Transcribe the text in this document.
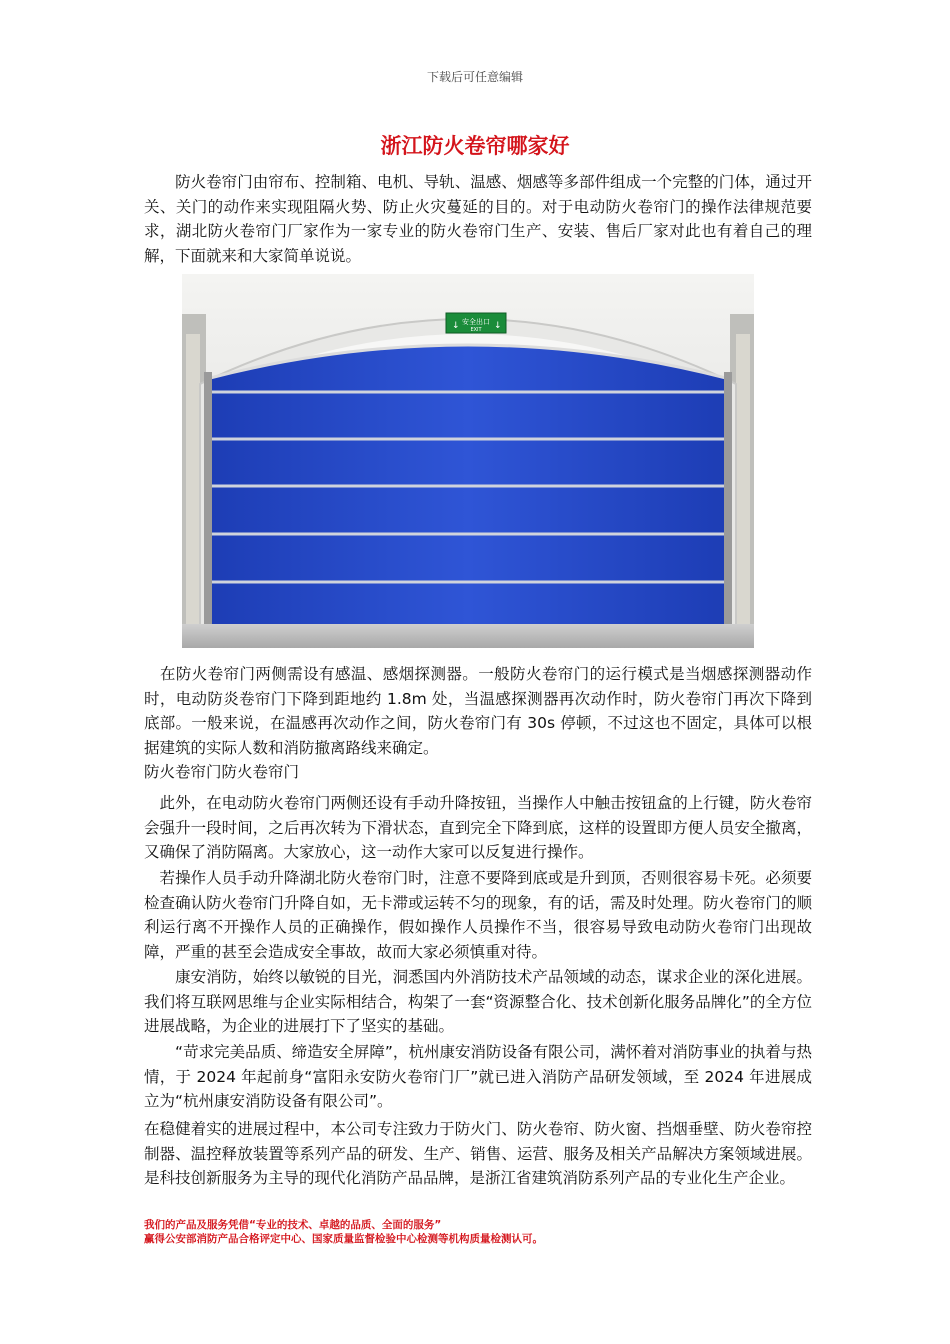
下载后可任意编辑
浙江防火卷帘哪家好

　　防火卷帘门由帘布、控制箱、电机、导轨、温感、烟感等多部件组成一个完整的门体，通过开关、关门的动作来实现阻隔火势、防止火灾蔓延的目的。对于电动防火卷帘门的操作法律规范要求，湖北防火卷帘门厂家作为一家专业的防火卷帘门生产、安装、售后厂家对此也有着自己的理解，下面就来和大家简单说说。

安全出口
EXIT
↓	↓

　在防火卷帘门两侧需设有感温、感烟探测器。一般防火卷帘门的运行模式是当烟感探测器动作时，电动防炎卷帘门下降到距地约 1.8m 处，当温感探测器再次动作时，防火卷帘门再次下降到底部。一般来说，在温感再次动作之间，防火卷帘门有 30s 停顿，不过这也不固定，具体可以根据建筑的实际人数和消防撤离路线来确定。

防火卷帘门防火卷帘门

　此外，在电动防火卷帘门两侧还设有手动升降按钮，当操作人中触击按钮盒的上行键，防火卷帘会强升一段时间，之后再次转为下滑状态，直到完全下降到底，这样的设置即方便人员安全撤离，又确保了消防隔离。大家放心，这一动作大家可以反复进行操作。

　若操作人员手动升降湖北防火卷帘门时，注意不要降到底或是升到顶，否则很容易卡死。必须要检查确认防火卷帘门升降自如，无卡滞或运转不匀的现象，有的话，需及时处理。防火卷帘门的顺利运行离不开操作人员的正确操作，假如操作人员操作不当，很容易导致电动防火卷帘门出现故障，严重的甚至会造成安全事故，故而大家必须慎重对待。

　　康安消防，始终以敏锐的目光，洞悉国内外消防技术产品领域的动态，谋求企业的深化进展。我们将互联网思维与企业实际相结合，构架了一套“资源整合化、技术创新化服务品牌化”的全方位进展战略，为企业的进展打下了坚实的基础。

　　“苛求完美品质、缔造安全屏障”，杭州康安消防设备有限公司，满怀着对消防事业的执着与热情，于 2024 年起前身“富阳永安防火卷帘门厂”就已进入消防产品研发领域，至 2024 年进展成立为“杭州康安消防设备有限公司”。

在稳健着实的进展过程中，本公司专注致力于防火门、防火卷帘、防火窗、挡烟垂壁、防火卷帘控制器、温控释放装置等系列产品的研发、生产、销售、运营、服务及相关产品解决方案领域进展。是科技创新服务为主导的现代化消防产品品牌，是浙江省建筑消防系列产品的专业化生产企业。

我们的产品及服务凭借“专业的技术、卓越的品质、全面的服务”
赢得公安部消防产品合格评定中心、国家质量监督检验中心检测等机构质量检测认可。
